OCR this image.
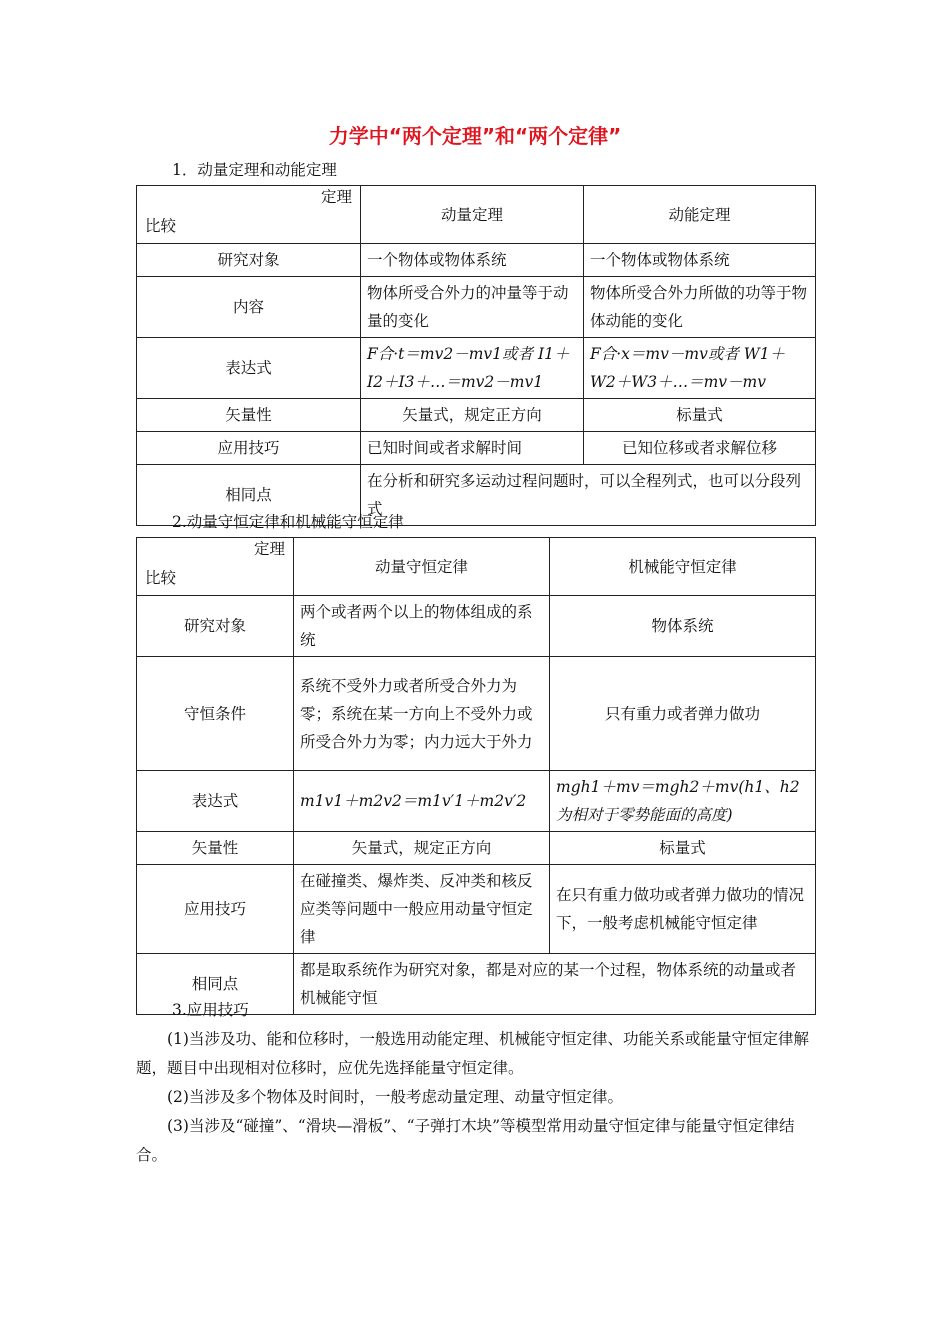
力学中“两个定理”和“两个定律”
1．动量定理和动能定理
定理
比较	动量定理	动能定理
研究对象	一个物体或物体系统	一个物体或物体系统
内容	物体所受合外力的冲量等于动量的变化	物体所受合外力所做的功等于物体动能的变化
表达式	F合·t＝mv2－mv1或者 I1＋I2＋I3＋…＝mv2－mv1	F合·x＝mv－mv或者 W1＋W2＋W3＋…＝mv－mv
矢量性	矢量式，规定正方向	标量式
应用技巧	已知时间或者求解时间	已知位移或者求解位移
相同点	在分析和研究多运动过程问题时，可以全程列式，也可以分段列式	
2.动量守恒定律和机械能守恒定律
定理
比较	动量守恒定律	机械能守恒定律
研究对象	两个或者两个以上的物体组成的系统	物体系统
守恒条件	系统不受外力或者所受合外力为零；系统在某一方向上不受外力或所受合外力为零；内力远大于外力	只有重力或者弹力做功
表达式	m1v1＋m2v2＝m1v′1＋m2v′2	mgh1＋mv＝mgh2＋mv(h1、h2为相对于零势能面的高度)
矢量性	矢量式，规定正方向	标量式
应用技巧	在碰撞类、爆炸类、反冲类和核反应类等问题中一般应用动量守恒定律	在只有重力做功或者弹力做功的情况下，一般考虑机械能守恒定律
相同点	都是取系统作为研究对象，都是对应的某一个过程，物体系统的动量或者机械能守恒	

3.应用技巧

(1)当涉及功、能和位移时，一般选用动能定理、机械能守恒定律、功能关系或能量守恒定律解题，题目中出现相对位移时，应优先选择能量守恒定律。

(2)当涉及多个物体及时间时，一般考虑动量定理、动量守恒定律。

(3)当涉及“碰撞”、“滑块—滑板”、“子弹打木块”等模型常用动量守恒定律与能量守恒定律结合。
